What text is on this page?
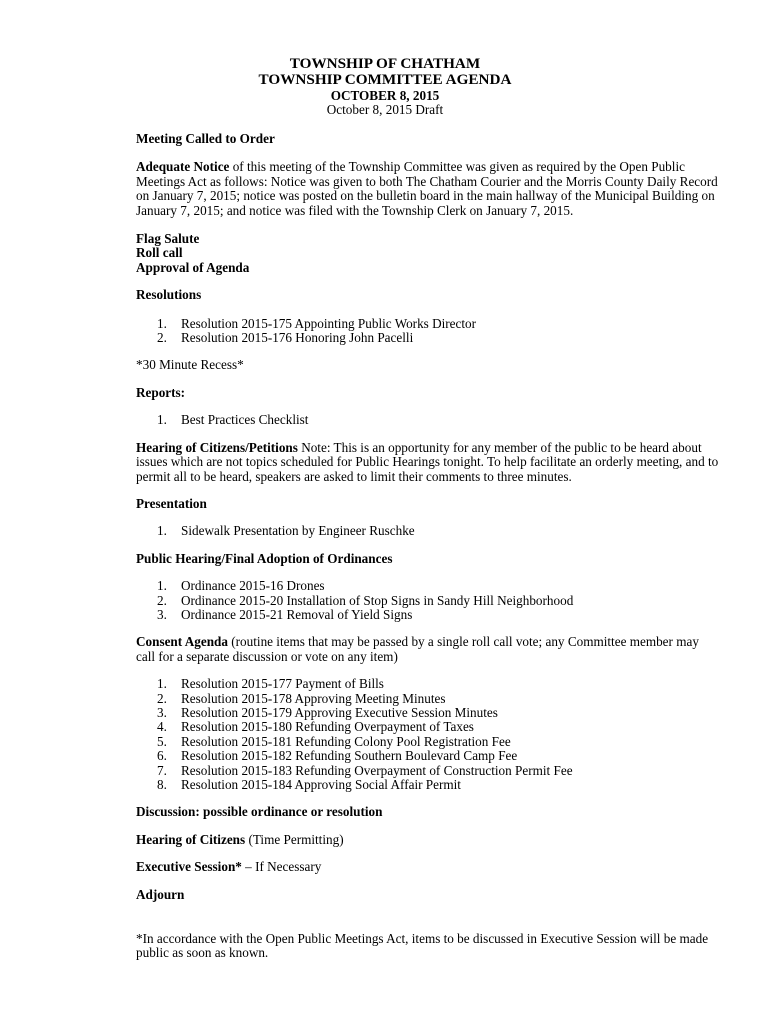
TOWNSHIP OF CHATHAM
TOWNSHIP COMMITTEE AGENDA
OCTOBER 8, 2015
October 8, 2015 Draft
Meeting Called to Order
Adequate Notice of this meeting of the Township Committee was given as required by the Open Public Meetings Act as follows: Notice was given to both The Chatham Courier and the Morris County Daily Record on January 7, 2015; notice was posted on the bulletin board in the main hallway of the Municipal Building on January 7, 2015; and notice was filed with the Township Clerk on January 7, 2015.
Flag Salute
Roll call
Approval of Agenda
Resolutions
1. Resolution 2015-175 Appointing Public Works Director
2. Resolution 2015-176 Honoring John Pacelli
*30 Minute Recess*
Reports:
1. Best Practices Checklist
Hearing of Citizens/Petitions Note: This is an opportunity for any member of the public to be heard about issues which are not topics scheduled for Public Hearings tonight. To help facilitate an orderly meeting, and to permit all to be heard, speakers are asked to limit their comments to three minutes.
Presentation
1. Sidewalk Presentation by Engineer Ruschke
Public Hearing/Final Adoption of Ordinances
1. Ordinance 2015-16 Drones
2. Ordinance 2015-20 Installation of Stop Signs in Sandy Hill Neighborhood
3. Ordinance 2015-21 Removal of Yield Signs
Consent Agenda (routine items that may be passed by a single roll call vote; any Committee member may call for a separate discussion or vote on any item)
1. Resolution 2015-177 Payment of Bills
2. Resolution 2015-178 Approving Meeting Minutes
3. Resolution 2015-179 Approving Executive Session Minutes
4. Resolution 2015-180 Refunding Overpayment of Taxes
5. Resolution 2015-181 Refunding Colony Pool Registration Fee
6. Resolution 2015-182 Refunding Southern Boulevard Camp Fee
7. Resolution 2015-183 Refunding Overpayment of Construction Permit Fee
8. Resolution 2015-184 Approving Social Affair Permit
Discussion: possible ordinance or resolution
Hearing of Citizens (Time Permitting)
Executive Session* – If Necessary
Adjourn
*In accordance with the Open Public Meetings Act, items to be discussed in Executive Session will be made public as soon as known.
